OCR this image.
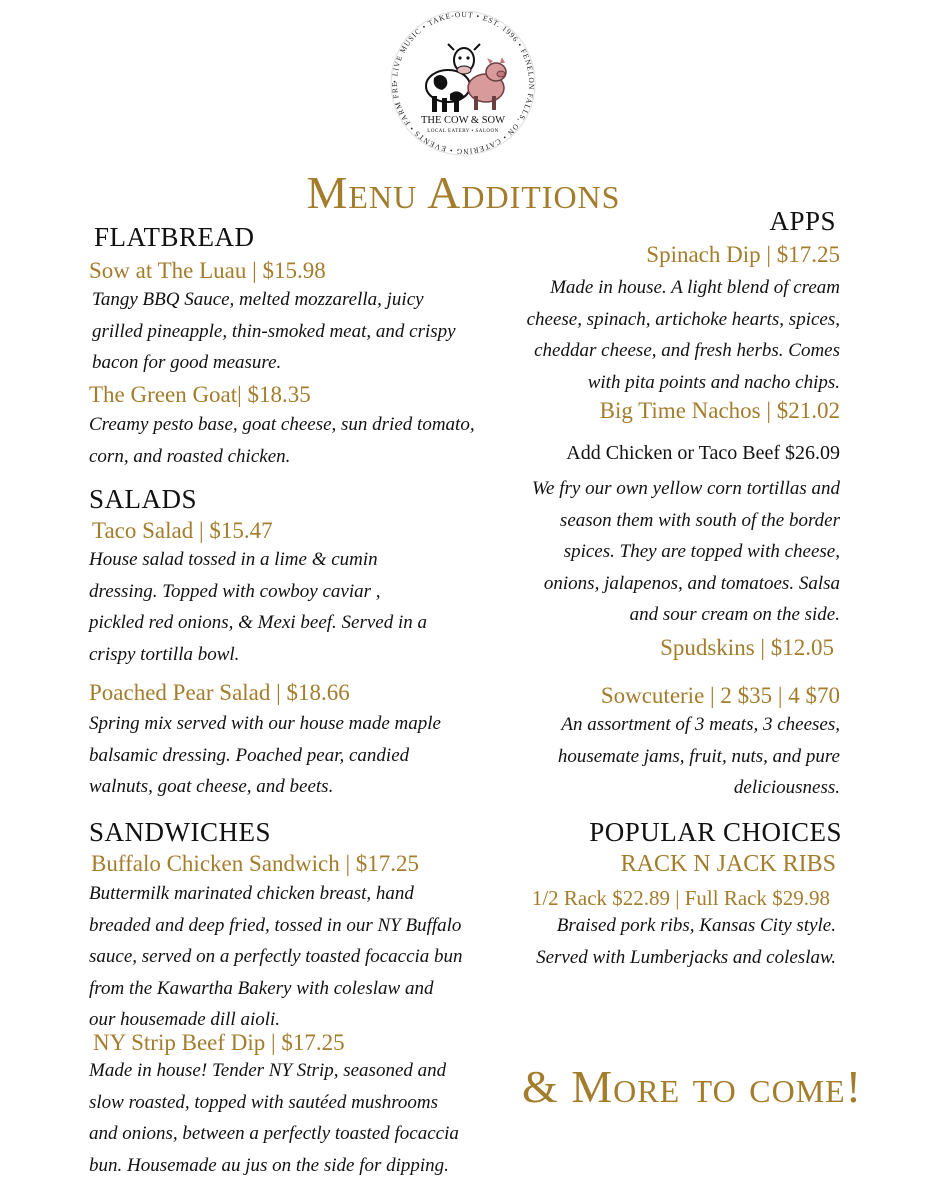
• LIVE MUSIC • TAKE-OUT • EST. 1996 • FENELON FALLS, ON • CATERING • EVENTS • FARM FRE
THE COW & SOW
LOCAL EATERY • SALOON
Menu Additions
FLATBREAD
Sow at The Luau | $15.98
Tangy BBQ Sauce, melted mozzarella, juicy
grilled pineapple, thin-smoked meat, and crispy
bacon for good measure.
The Green Goat| $18.35
Creamy pesto base, goat cheese, sun dried tomato,
corn, and roasted chicken.
SALADS
Taco Salad | $15.47
House salad tossed in a lime & cumin
dressing. Topped with cowboy caviar ,
pickled red onions, & Mexi beef. Served in a
crispy tortilla bowl.
Poached Pear Salad | $18.66
Spring mix served with our house made maple
balsamic dressing. Poached pear, candied
walnuts, goat cheese, and beets.
SANDWICHES
Buffalo Chicken Sandwich | $17.25
Buttermilk marinated chicken breast, hand
breaded and deep fried, tossed in our NY Buffalo
sauce, served on a perfectly toasted focaccia bun
from the Kawartha Bakery with coleslaw and
our housemade dill aioli.
NY Strip Beef Dip | $17.25
Made in house! Tender NY Strip, seasoned and
slow roasted, topped with sautéed mushrooms
and onions, between a perfectly toasted focaccia
bun. Housemade au jus on the side for dipping.
APPS
Spinach Dip | $17.25
Made in house. A light blend of cream
cheese, spinach, artichoke hearts, spices,
cheddar cheese, and fresh herbs. Comes
with pita points and nacho chips.
Big Time Nachos | $21.02
Add Chicken or Taco Beef $26.09
We fry our own yellow corn tortillas and
season them with south of the border
spices. They are topped with cheese,
onions, jalapenos, and tomatoes. Salsa
and sour cream on the side.
Spudskins | $12.05
Sowcuterie | 2 $35 | 4 $70
An assortment of 3 meats, 3 cheeses,
housemate jams, fruit, nuts, and pure
deliciousness.
POPULAR CHOICES
RACK N JACK RIBS
1/2 Rack $22.89 | Full Rack $29.98
Braised pork ribs, Kansas City style.
Served with Lumberjacks and coleslaw.
& More to come!
